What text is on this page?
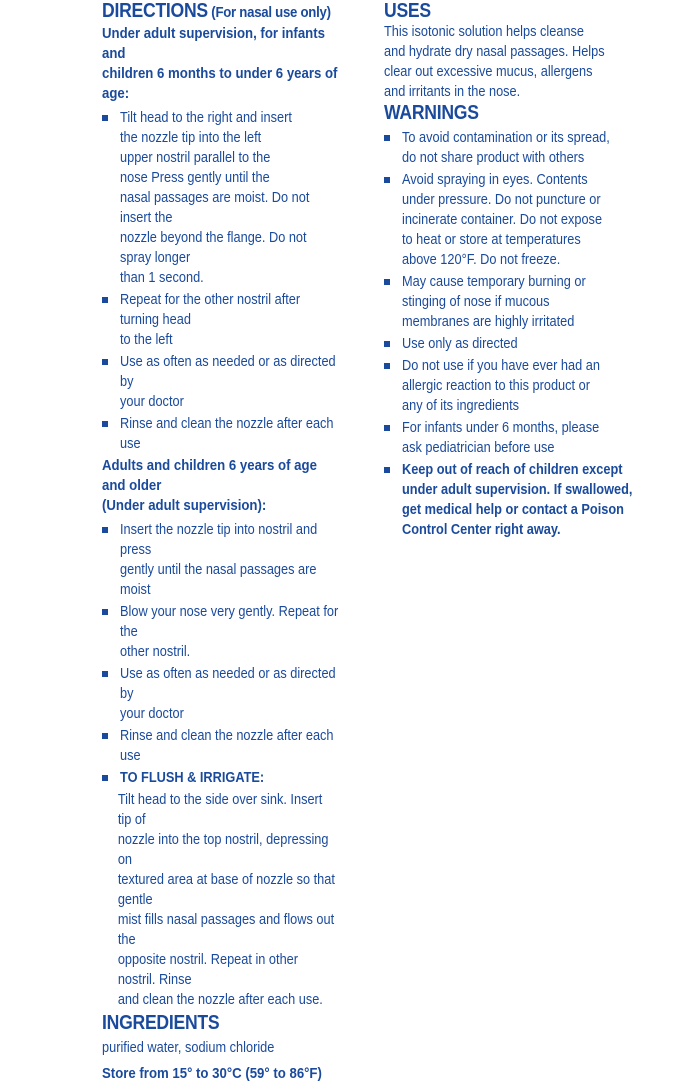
DIRECTIONS (For nasal use only)

Under adult supervision, for infants and
children 6 months to under 6 years of age:

Tilt head to the right and insert
the nozzle tip into the left
upper nostril parallel to the
nose Press gently until the
nasal passages are moist. Do not insert the
nozzle beyond the flange. Do not spray longer
than 1 second.
Repeat for the other nostril after turning head
to the left
Use as often as needed or as directed by
your doctor
Rinse and clean the nozzle after each use

Adults and children 6 years of age and older
(Under adult supervision):

Insert the nozzle tip into nostril and press
gently until the nasal passages are moist
Blow your nose very gently. Repeat for the
other nostril.
Use as often as needed or as directed by
your doctor
Rinse and clean the nozzle after each use
TO FLUSH & IRRIGATE:

Tilt head to the side over sink. Insert tip of
nozzle into the top nostril, depressing on
textured area at base of nozzle so that gentle
mist fills nasal passages and flows out the
opposite nostril. Repeat in other nostril. Rinse
and clean the nozzle after each use.

INGREDIENTS

purified water, sodium chloride

Store from 15° to 30°C (59° to 86°F)

USES

This isotonic solution helps cleanse
and hydrate dry nasal passages. Helps
clear out excessive mucus, allergens
and irritants in the nose.

WARNINGS

To avoid contamination or its spread,
do not share product with others
Avoid spraying in eyes. Contents
under pressure. Do not puncture or
incinerate container. Do not expose
to heat or store at temperatures
above 120°F. Do not freeze.
May cause temporary burning or
stinging of nose if mucous
membranes are highly irritated
Use only as directed
Do not use if you have ever had an
allergic reaction to this product or
any of its ingredients
For infants under 6 months, please
ask pediatrician before use
Keep out of reach of children except
under adult supervision. If swallowed,
get medical help or contact a Poison
Control Center right away.
